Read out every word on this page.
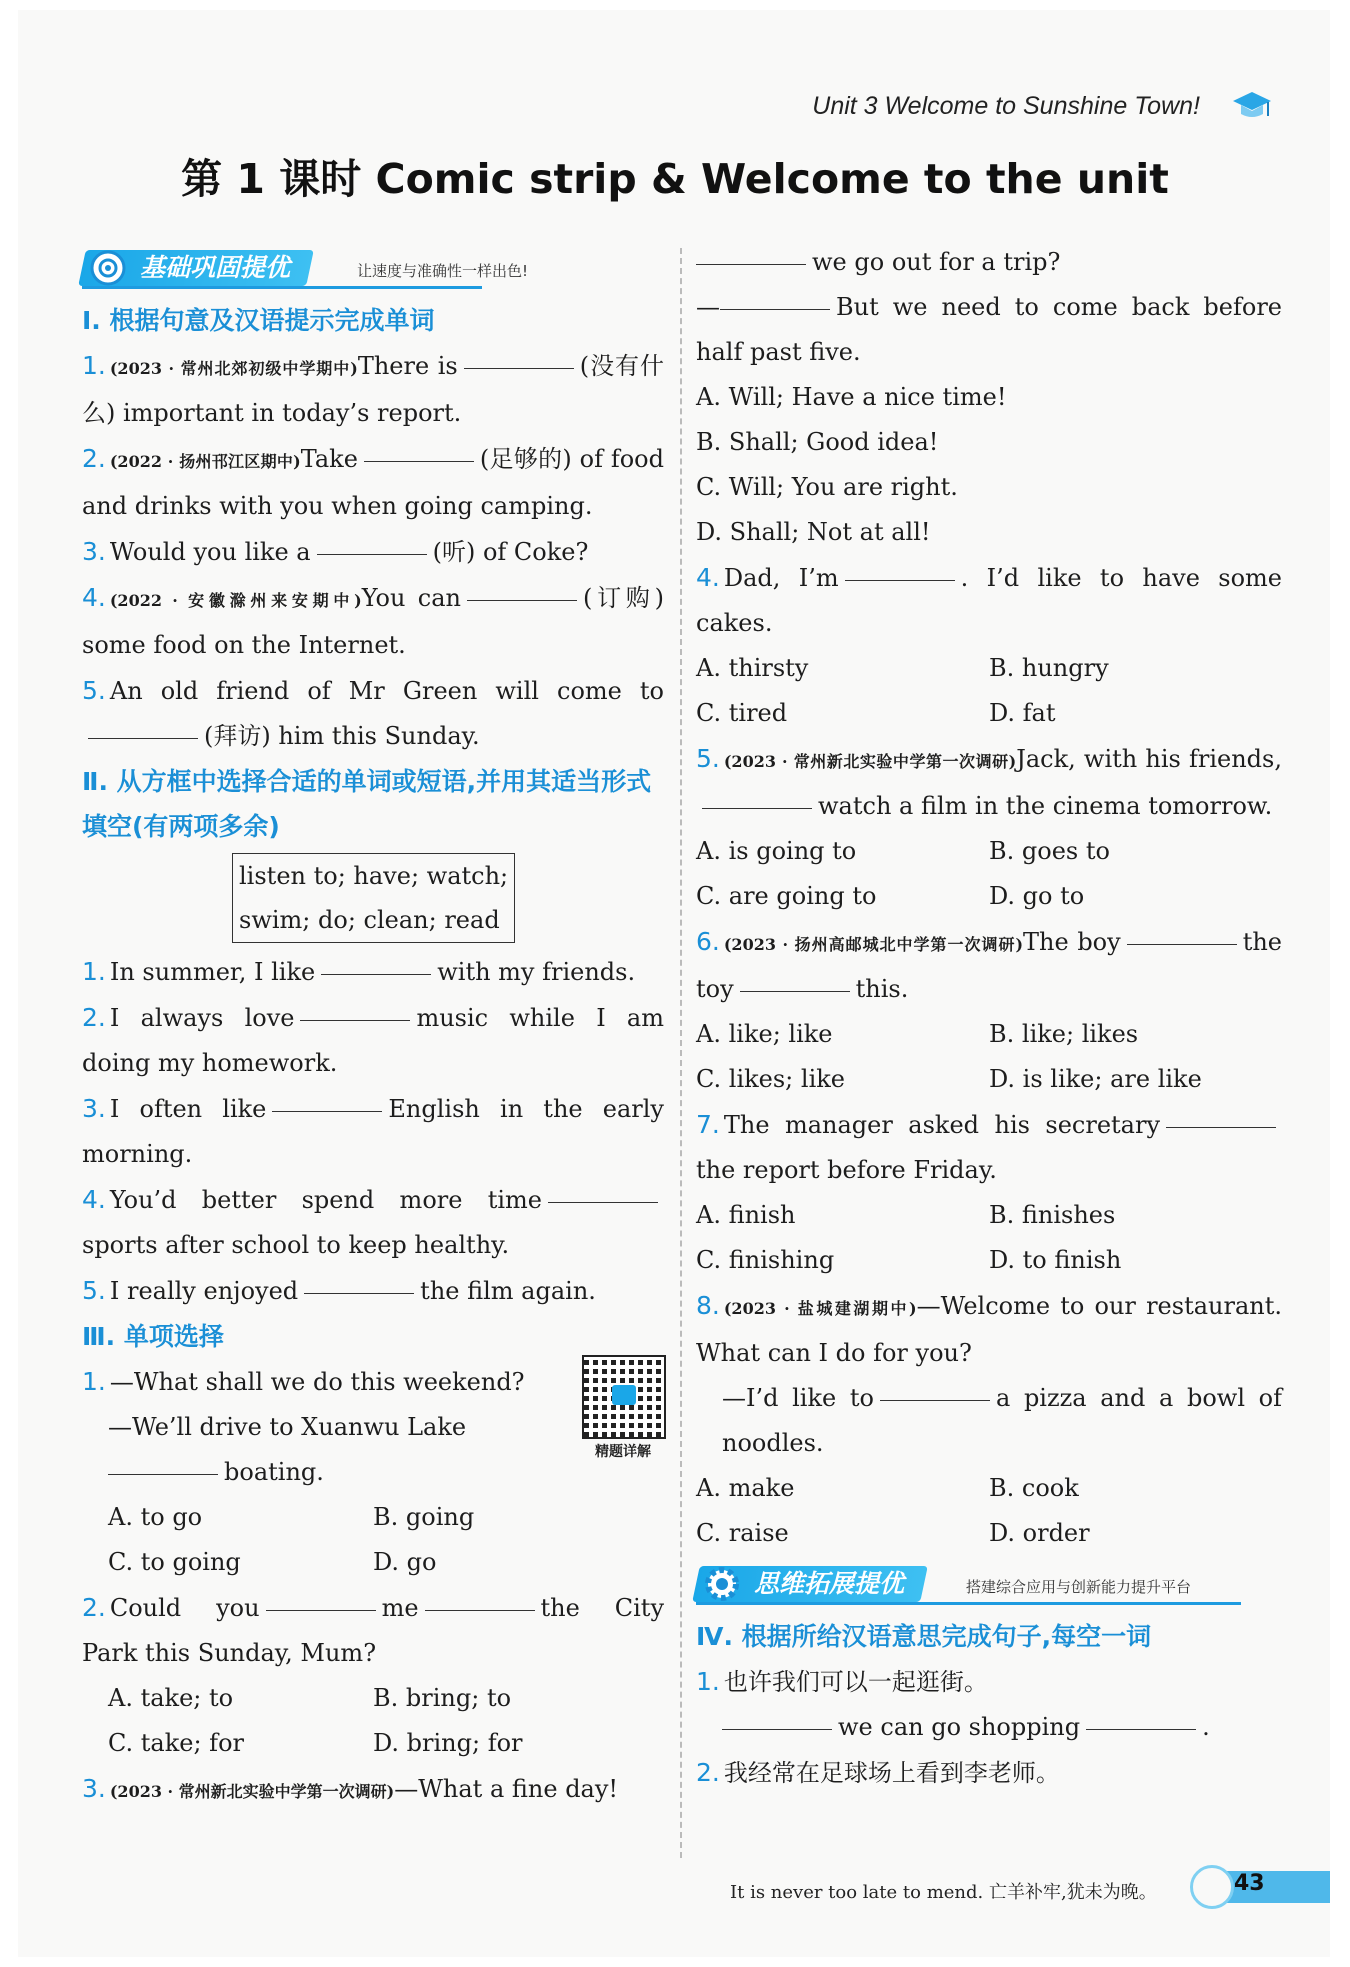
Unit 3 Welcome to Sunshine Town!
第 1 课时 Comic strip & Welcome to the unit
基础巩固提优	让速度与准确性一样出色!
Ⅰ. 根据句意及汉语提示完成单词
1. (2023 · 常州北郊初级中学期中)There is	(没有什么) important in today’s report.
2. (2022 · 扬州邗江区期中)Take	(足够的) of food and drinks with you when going camping.
3. Would you like a	(听) of Coke?
4. (2022 · 安徽滁州来安期中)You can	(订购) some food on the Internet.
5. An old friend of Mr Green will come to(拜访) him this Sunday.
Ⅱ. 从方框中选择合适的单词或短语,并用其适当形式填空(有两项多余)
listen to; have; watch;
swim; do; clean; read
1. In summer, I like	with my friends.
2. I always love	music while I am doing my homework.
3. I often like	English in the early morning.
4. You’d better spend more timesports after school to keep healthy.
5. I really enjoyed	the film again.
Ⅲ. 单项选择
精题详解
1. —What shall we do this weekend?
—We’ll drive to Xuanwu Lake
boating.
A. to go	B. going
C. to going	D. go
2. Could you	me	the City Park this Sunday, Mum?
A. take; to	B. bring; to
C. take; for	D. bring; for
3. (2023 · 常州新北实验中学第一次调研)—What a fine day!
we go out for a trip?
—	But we need to come back before half past five.
A. Will; Have a nice time!
B. Shall; Good idea!
C. Will; You are right.
D. Shall; Not at all!
4. Dad, I’m	. I’d like to have some cakes.
A. thirsty	B. hungry
C. tired	D. fat
5. (2023 · 常州新北实验中学第一次调研)Jack, with his friends,watch a film in the cinema tomorrow.
A. is going to	B. goes to
C. are going to	D. go to
6. (2023 · 扬州高邮城北中学第一次调研)The boy	the toy	this.
A. like; like	B. like; likes
C. likes; like	D. is like; are like
7. The manager asked his secretarythe report before Friday.
A. finish	B. finishes
C. finishing	D. to finish
8. (2023 · 盐城建湖期中)—Welcome to our restaurant. What can I do for you?
—I’d like to	a pizza and a bowl of noodles.
A. make	B. cook
C. raise	D. order
思维拓展提优	搭建综合应用与创新能力提升平台
Ⅳ. 根据所给汉语意思完成句子,每空一词
1. 也许我们可以一起逛街。
we can go shopping	.
2. 我经常在足球场上看到李老师。
It is never too late to mend. 亡羊补牢,犹未为晚。	43
